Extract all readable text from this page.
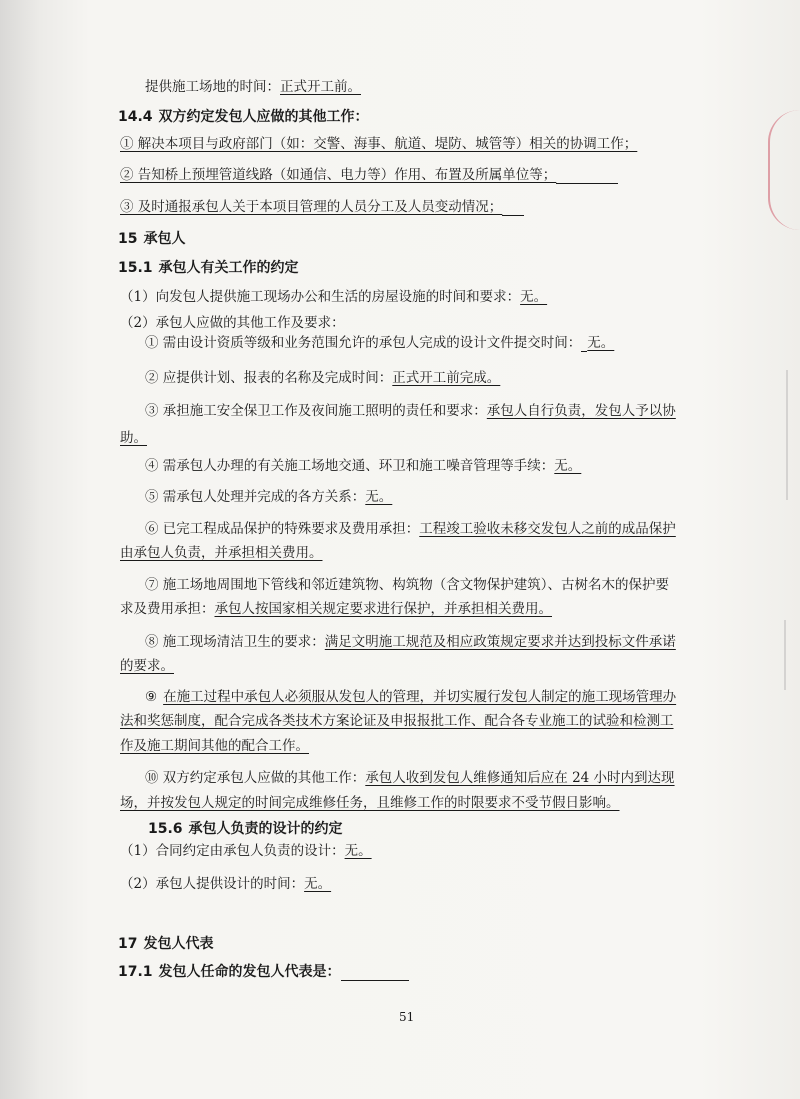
提供施工场地的时间：正式开工前。
14.4 双方约定发包人应做的其他工作：
① 解决本项目与政府部门（如：交警、海事、航道、堤防、城管等）相关的协调工作；
② 告知桥上预埋管道线路（如通信、电力等）作用、布置及所属单位等；
③ 及时通报承包人关于本项目管理的人员分工及人员变动情况；
15 承包人
15.1 承包人有关工作的约定
（1）向发包人提供施工现场办公和生活的房屋设施的时间和要求：无。
（2）承包人应做的其他工作及要求：
① 需由设计资质等级和业务范围允许的承包人完成的设计文件提交时间： 无。
② 应提供计划、报表的名称及完成时间：正式开工前完成。
③ 承担施工安全保卫工作及夜间施工照明的责任和要求：承包人自行负责，发包人予以协
助。
④ 需承包人办理的有关施工场地交通、环卫和施工噪音管理等手续：无。
⑤ 需承包人处理并完成的各方关系：无。
⑥ 已完工程成品保护的特殊要求及费用承担：工程竣工验收未移交发包人之前的成品保护
由承包人负责，并承担相关费用。
⑦ 施工场地周围地下管线和邻近建筑物、构筑物（含文物保护建筑）、古树名木的保护要
求及费用承担：承包人按国家相关规定要求进行保护，并承担相关费用。
⑧ 施工现场清洁卫生的要求：满足文明施工规范及相应政策规定要求并达到投标文件承诺
的要求。
⑨ 在施工过程中承包人必须服从发包人的管理，并切实履行发包人制定的施工现场管理办
法和奖惩制度，配合完成各类技术方案论证及申报报批工作、配合各专业施工的试验和检测工
作及施工期间其他的配合工作。
⑩ 双方约定承包人应做的其他工作：承包人收到发包人维修通知后应在 24 小时内到达现
场，并按发包人规定的时间完成维修任务，且维修工作的时限要求不受节假日影响。
15.6 承包人负责的设计的约定
（1）合同约定由承包人负责的设计：无。
（2）承包人提供设计的时间：无。
17 发包人代表
17.1 发包人任命的发包人代表是：
51
